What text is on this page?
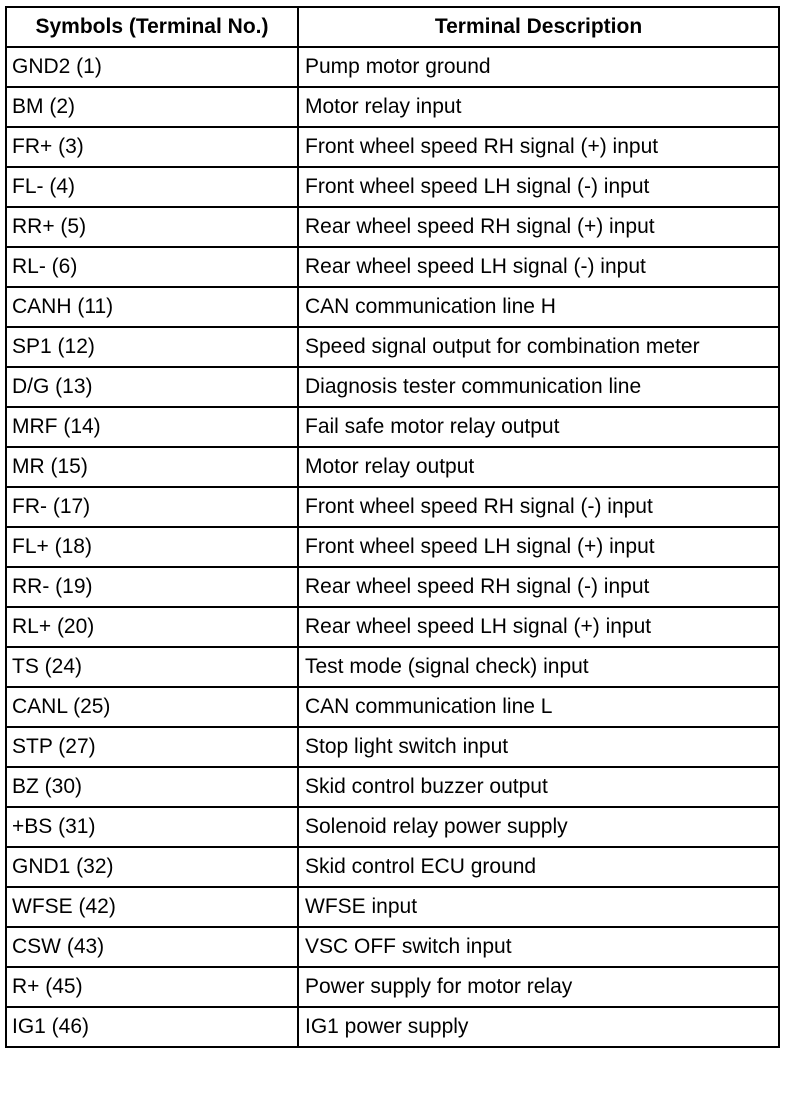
Symbols (Terminal No.)	Terminal Description
GND2 (1)	Pump motor ground
BM (2)	Motor relay input
FR+ (3)	Front wheel speed RH signal (+) input
FL- (4)	Front wheel speed LH signal (-) input
RR+ (5)	Rear wheel speed RH signal (+) input
RL- (6)	Rear wheel speed LH signal (-) input
CANH (11)	CAN communication line H
SP1 (12)	Speed signal output for combination meter
D/G (13)	Diagnosis tester communication line
MRF (14)	Fail safe motor relay output
MR (15)	Motor relay output
FR- (17)	Front wheel speed RH signal (-) input
FL+ (18)	Front wheel speed LH signal (+) input
RR- (19)	Rear wheel speed RH signal (-) input
RL+ (20)	Rear wheel speed LH signal (+) input
TS (24)	Test mode (signal check) input
CANL (25)	CAN communication line L
STP (27)	Stop light switch input
BZ (30)	Skid control buzzer output
+BS (31)	Solenoid relay power supply
GND1 (32)	Skid control ECU ground
WFSE (42)	WFSE input
CSW (43)	VSC OFF switch input
R+ (45)	Power supply for motor relay
IG1 (46)	IG1 power supply
